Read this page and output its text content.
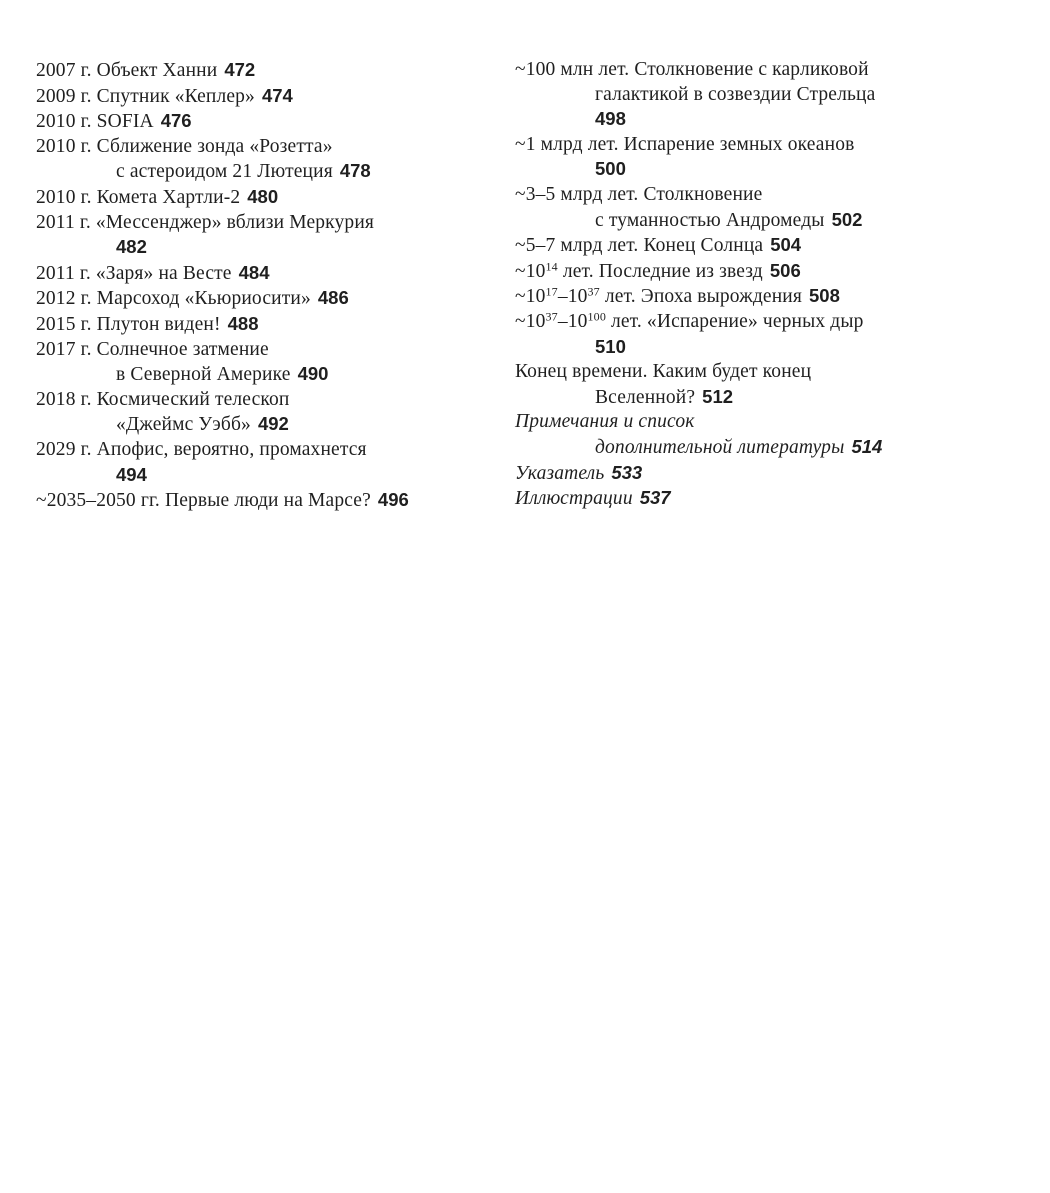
2007 г. Объект Ханни 472
2009 г. Спутник «Кеплер» 474
2010 г. SOFIA 476
2010 г. Сближение зонда «Розетта»
с астероидом 21 Лютеция 478
2010 г. Комета Хартли-2 480
2011 г. «Мессенджер» вблизи Меркурия
482
2011 г. «Заря» на Весте 484
2012 г. Марсоход «Кьюриосити» 486
2015 г. Плутон виден! 488
2017 г. Солнечное затмение
в Северной Америке 490
2018 г. Космический телескоп
«Джеймс Уэбб» 492
2029 г. Апофис, вероятно, промахнется
494
~2035–2050 гг. Первые люди на Марсе? 496
~100 млн лет. Столкновение с карликовой
галактикой в созвездии Стрельца
498
~1 млрд лет. Испарение земных океанов
500
~3–5 млрд лет. Столкновение
с туманностью Андромеды 502
~5–7 млрд лет. Конец Солнца 504
$\sim 10^{14}$ лет. Последние из звезд 506
$\sim 10^{17}-10^{37}$ лет. Эпоха вырождения 508
$\sim 10^{37}-10^{100}$ лет. «Испарение» черных дыр
510
Конец времени. Каким будет конец
Вселенной? 512
Примечания и список
дополнительной литературы 514
Указатель 533
Иллюстрации 537
